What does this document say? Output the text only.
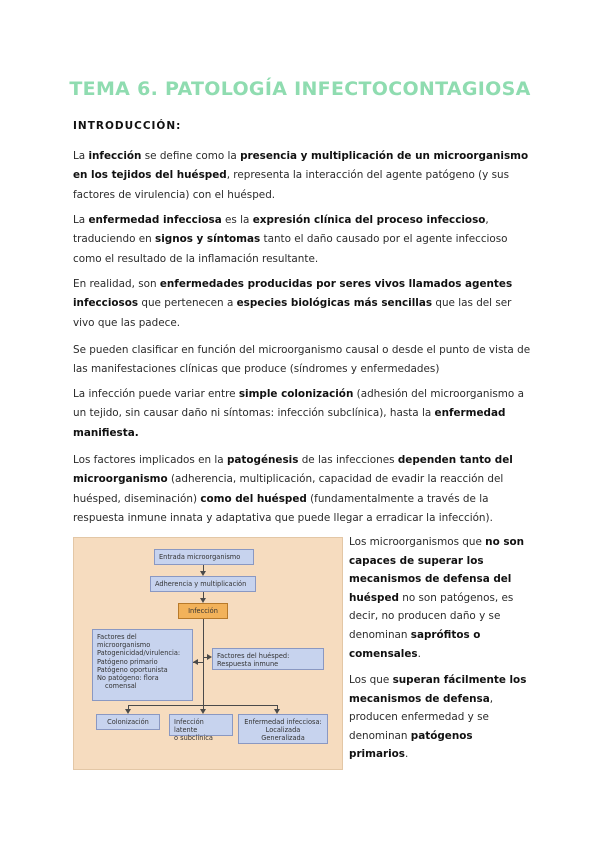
TEMA 6. PATOLOGÍA INFECTOCONTAGIOSA
INTRODUCCIÓN:
La infección se define como la presencia y multiplicación de un microorganismo en los tejidos del huésped, representa la interacción del agente patógeno (y sus factores de virulencia) con el huésped.
La enfermedad infecciosa es la expresión clínica del proceso infeccioso, traduciendo en signos y síntomas tanto el daño causado por el agente infeccioso como el resultado de la inflamación resultante.
En realidad, son enfermedades producidas por seres vivos llamados agentes infecciosos que pertenecen a especies biológicas más sencillas que las del ser vivo que las padece.
Se pueden clasificar en función del microorganismo causal o desde el punto de vista de las manifestaciones clínicas que produce (síndromes y enfermedades)
La infección puede variar entre simple colonización (adhesión del microorganismo a un tejido, sin causar daño ni síntomas: infección subclínica), hasta la enfermedad manifiesta.
Los factores implicados en la patogénesis de las infecciones dependen tanto del microorganismo (adherencia, multiplicación, capacidad de evadir la reacción del huésped, diseminación) como del huésped (fundamentalmente a través de la respuesta inmune innata y adaptativa que puede llegar a erradicar la infección).
Entrada microorganismo
Adherencia y multiplicación
Infección
Factores del
microorganismo
Patogenicidad/virulencia:
Patógeno primario
Patógeno oportunista
No patógeno: flora
comensal
Factores del huésped:
Respuesta inmune
Colonización	Infección latente
o subclínica
Enfermedad infecciosa:
Localizada
Generalizada
Los microorganismos que no son capaces de superar los mecanismos de defensa del huésped no son patógenos, es decir, no producen daño y se denominan saprófitos o comensales.
Los que superan fácilmente los mecanismos de defensa, producen enfermedad y se denominan patógenos primarios.
